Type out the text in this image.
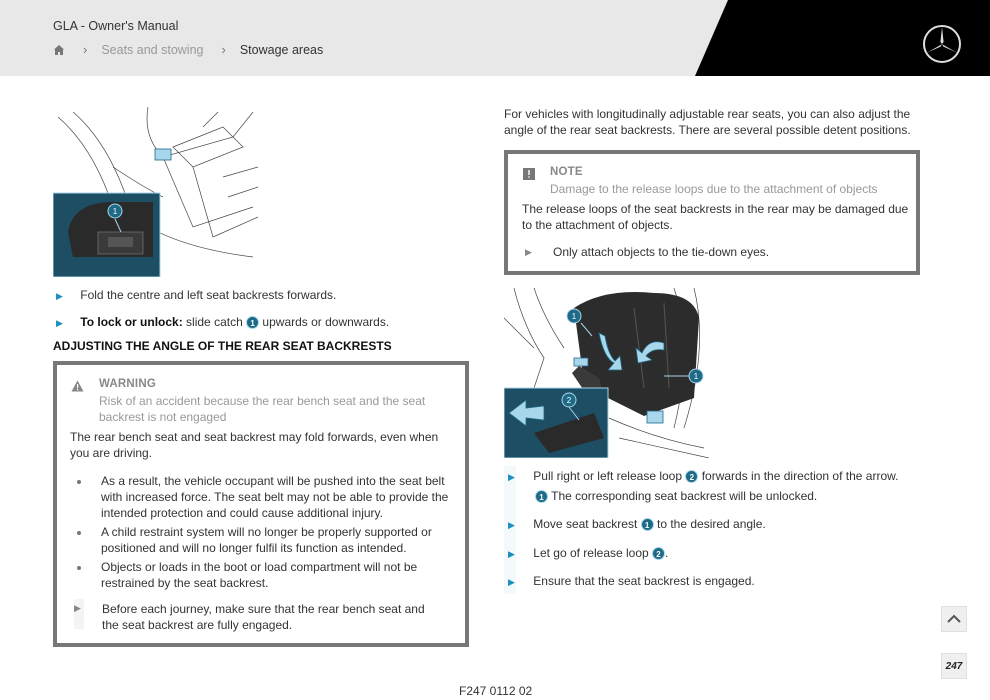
GLA - Owner's Manual
› Seats and stowing › Stowage areas
1
▶ Fold the centre and left seat backrests forwards.
▶ To lock or unlock: slide catch 1 upwards or downwards.
ADJUSTING THE ANGLE OF THE REAR SEAT BACKRESTS
WARNING
Risk of an accident because the rear bench seat and the seat
backrest is not engaged
The rear bench seat and seat backrest may fold forwards, even when
you are driving.
As a result, the vehicle occupant will be pushed into the seat belt
with increased force. The seat belt may not be able to provide the
intended protection and could cause additional injury.
A child restraint system will no longer be properly supported or
positioned and will no longer fulfil its function as intended.
Objects or loads in the boot or load compartment will not be
restrained by the seat backrest.
▶ Before each journey, make sure that the rear bench seat and
the seat backrest are fully engaged.
For vehicles with longitudinally adjustable rear seats, you can also adjust the
angle of the rear seat backrests. There are several possible detent positions.
NOTE
Damage to the release loops due to the attachment of objects
The release loops of the seat backrests in the rear may be damaged due
to the attachment of objects.
▶ Only attach objects to the tie-down eyes.
1
1
2
▶ Pull right or left release loop 2 forwards in the direction of the arrow.
1 The corresponding seat backrest will be unlocked.
▶ Move seat backrest 1 to the desired angle.
▶ Let go of release loop 2 .
▶ Ensure that the seat backrest is engaged.
F247 0112 02
247
